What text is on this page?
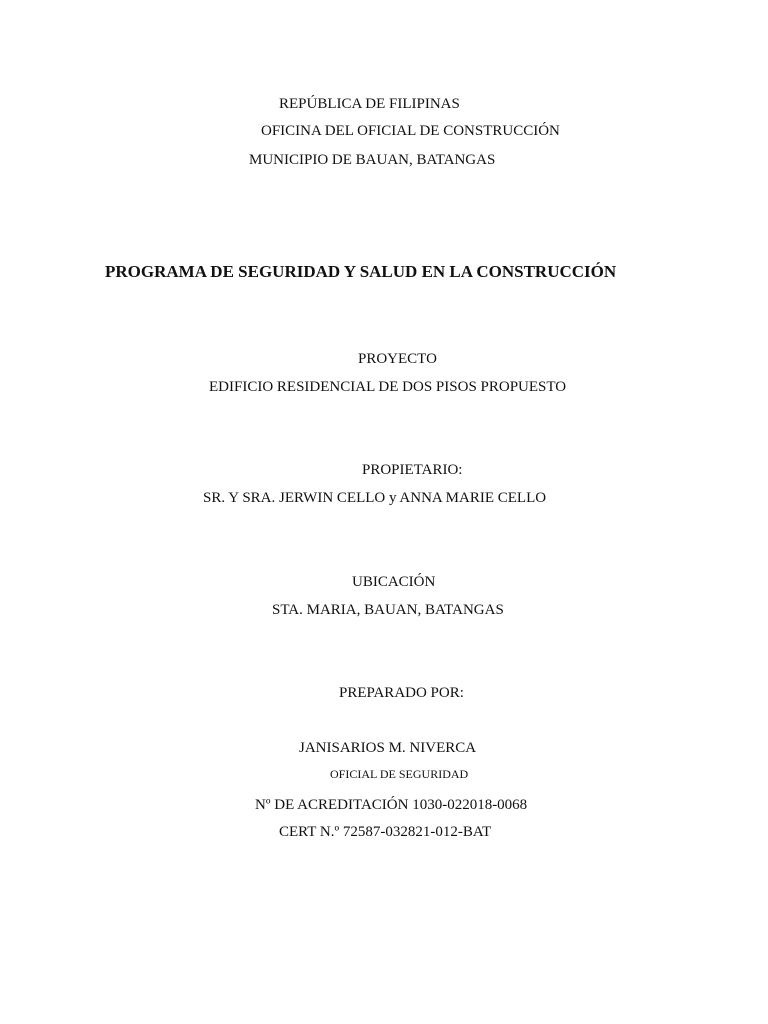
REPÚBLICA DE FILIPINAS
OFICINA DEL OFICIAL DE CONSTRUCCIÓN
MUNICIPIO DE BAUAN, BATANGAS
PROGRAMA DE SEGURIDAD Y SALUD EN LA CONSTRUCCIÓN
PROYECTO
EDIFICIO RESIDENCIAL DE DOS PISOS PROPUESTO
PROPIETARIO:
SR. Y SRA. JERWIN CELLO y ANNA MARIE CELLO
UBICACIÓN
STA. MARIA, BAUAN, BATANGAS
PREPARADO POR:
JANISARIOS M. NIVERCA
OFICIAL DE SEGURIDAD
Nº DE ACREDITACIÓN 1030-022018-0068
CERT N.º 72587-032821-012-BAT
